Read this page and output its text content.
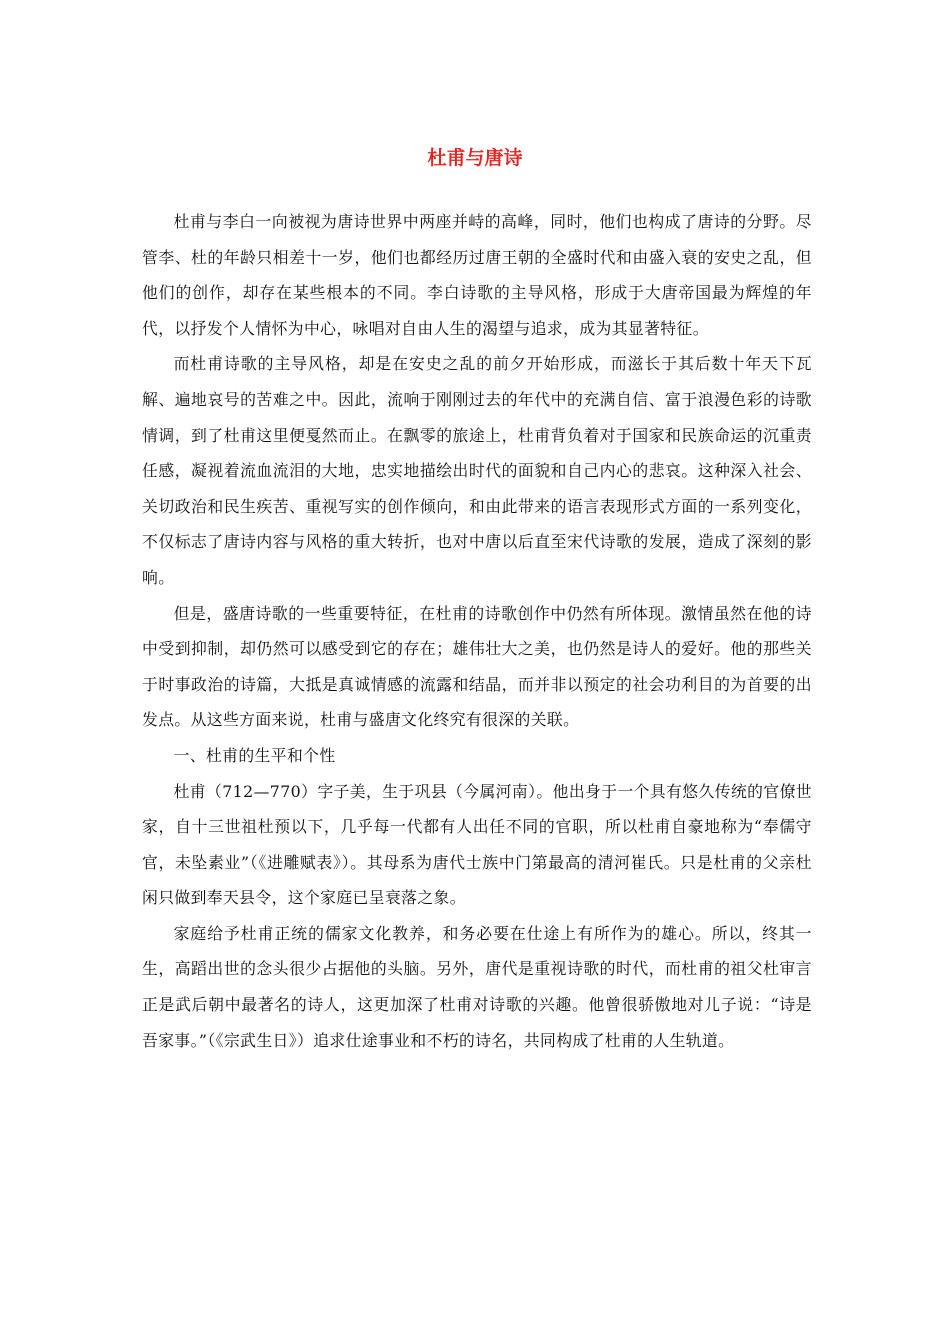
杜甫与唐诗

杜甫与李白一向被视为唐诗世界中两座并峙的高峰，同时，他们也构成了唐诗的分野。尽管李、杜的年龄只相差十一岁，他们也都经历过唐王朝的全盛时代和由盛入衰的安史之乱，但他们的创作，却存在某些根本的不同。李白诗歌的主导风格，形成于大唐帝国最为辉煌的年代，以抒发个人情怀为中心，咏唱对自由人生的渴望与追求，成为其显著特征。

而杜甫诗歌的主导风格，却是在安史之乱的前夕开始形成，而滋长于其后数十年天下瓦解、遍地哀号的苦难之中。因此，流响于刚刚过去的年代中的充满自信、富于浪漫色彩的诗歌情调，到了杜甫这里便戛然而止。在飘零的旅途上，杜甫背负着对于国家和民族命运的沉重责任感，凝视着流血流泪的大地，忠实地描绘出时代的面貌和自己内心的悲哀。这种深入社会、关切政治和民生疾苦、重视写实的创作倾向，和由此带来的语言表现形式方面的一系列变化，不仅标志了唐诗内容与风格的重大转折，也对中唐以后直至宋代诗歌的发展，造成了深刻的影响。

但是，盛唐诗歌的一些重要特征，在杜甫的诗歌创作中仍然有所体现。激情虽然在他的诗中受到抑制，却仍然可以感受到它的存在；雄伟壮大之美，也仍然是诗人的爱好。他的那些关于时事政治的诗篇，大抵是真诚情感的流露和结晶，而并非以预定的社会功利目的为首要的出发点。从这些方面来说，杜甫与盛唐文化终究有很深的关联。

一、杜甫的生平和个性

杜甫（712—770）字子美，生于巩县（今属河南）。他出身于一个具有悠久传统的官僚世家，自十三世祖杜预以下，几乎每一代都有人出任不同的官职，所以杜甫自豪地称为“奉儒守官，未坠素业”（《进雕赋表》）。其母系为唐代士族中门第最高的清河崔氏。只是杜甫的父亲杜闲只做到奉天县令，这个家庭已呈衰落之象。

家庭给予杜甫正统的儒家文化教养，和务必要在仕途上有所作为的雄心。所以，终其一生，高蹈出世的念头很少占据他的头脑。另外，唐代是重视诗歌的时代，而杜甫的祖父杜审言正是武后朝中最著名的诗人，这更加深了杜甫对诗歌的兴趣。他曾很骄傲地对儿子说：“诗是吾家事。”（《宗武生日》）追求仕途事业和不朽的诗名，共同构成了杜甫的人生轨道。
